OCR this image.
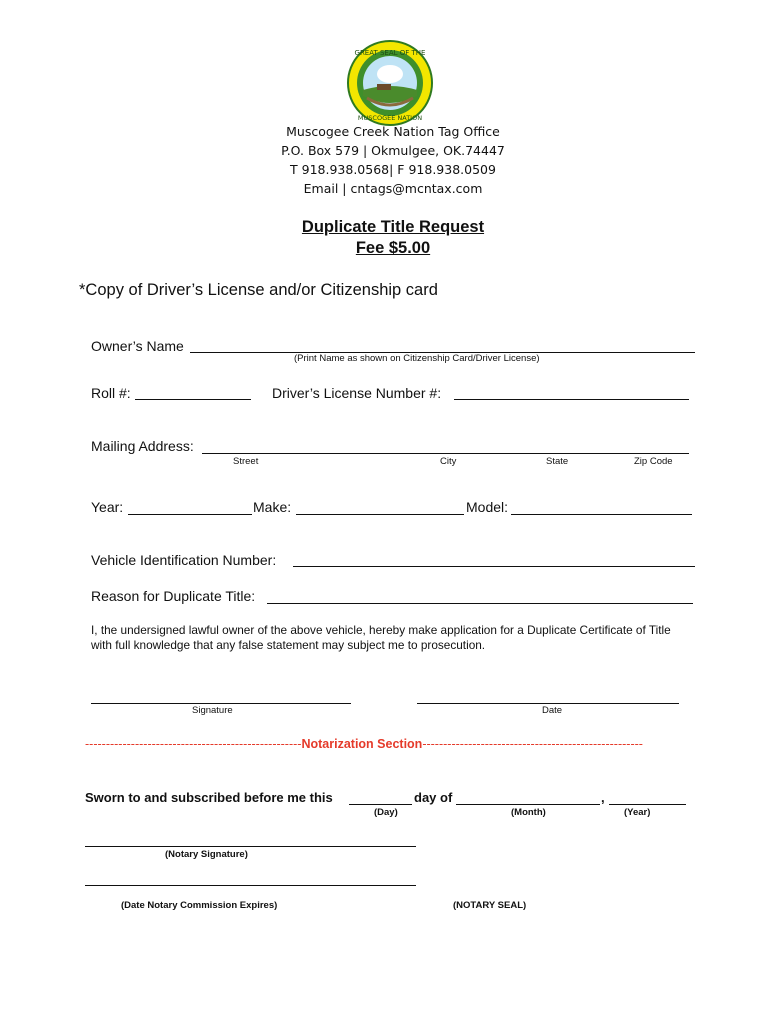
GREAT SEAL OF THE
MUSCOGEE NATION
Muscogee Creek Nation Tag Office
P.O. Box 579 | Okmulgee, OK.74447
T 918.938.0568| F 918.938.0509
Email | cntags@mcntax.com
Duplicate Title Request
Fee $5.00
*Copy of Driver’s License and/or Citizenship card
Owner’s Name
(Print Name as shown on Citizenship Card/Driver License)
Roll #:	Driver’s License Number #:
Mailing Address:
Street	City	State	Zip Code
Year:	Make:	Model:
Vehicle Identification Number:
Reason for Duplicate Title:
I, the undersigned lawful owner of the above vehicle, hereby make application for a Duplicate Certificate of Title with full knowledge that any false statement may subject me to prosecution.
Signature	Date
----------------------------------------------------Notarization Section-----------------------------------------------------
Sworn to and subscribed before me this	day of	,
(Day)	(Month)	(Year)
(Notary Signature)
(Date Notary Commission Expires)	(NOTARY SEAL)
